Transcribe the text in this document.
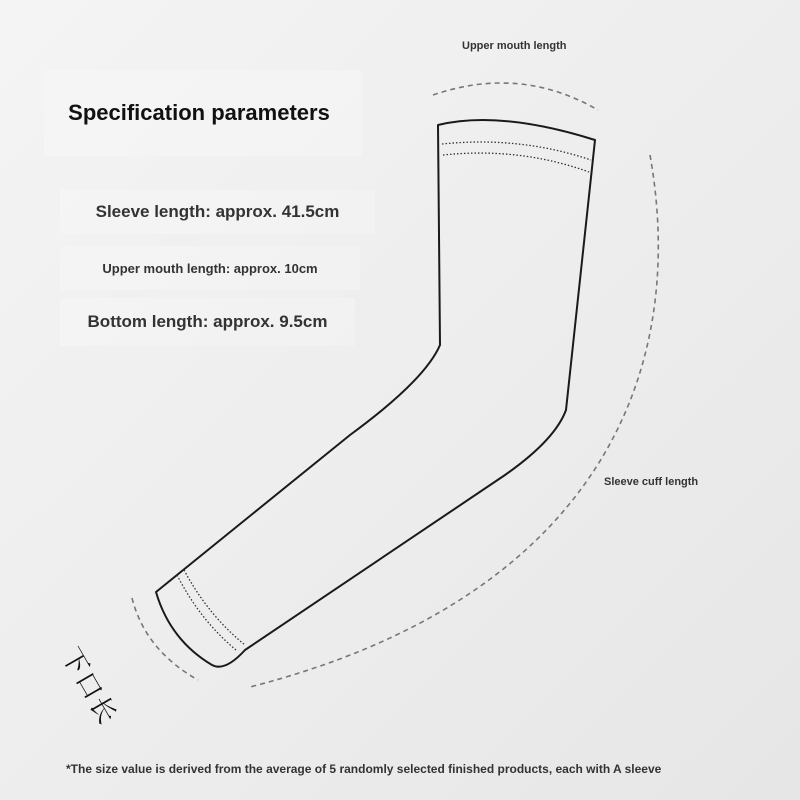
Specification parameters
Sleeve length: approx. 41.5cm
Upper mouth length: approx. 10cm
Bottom length: approx. 9.5cm
Upper mouth length
Sleeve cuff length
下口长
*The size value is derived from the average of 5 randomly selected finished products, each with A sleeve
